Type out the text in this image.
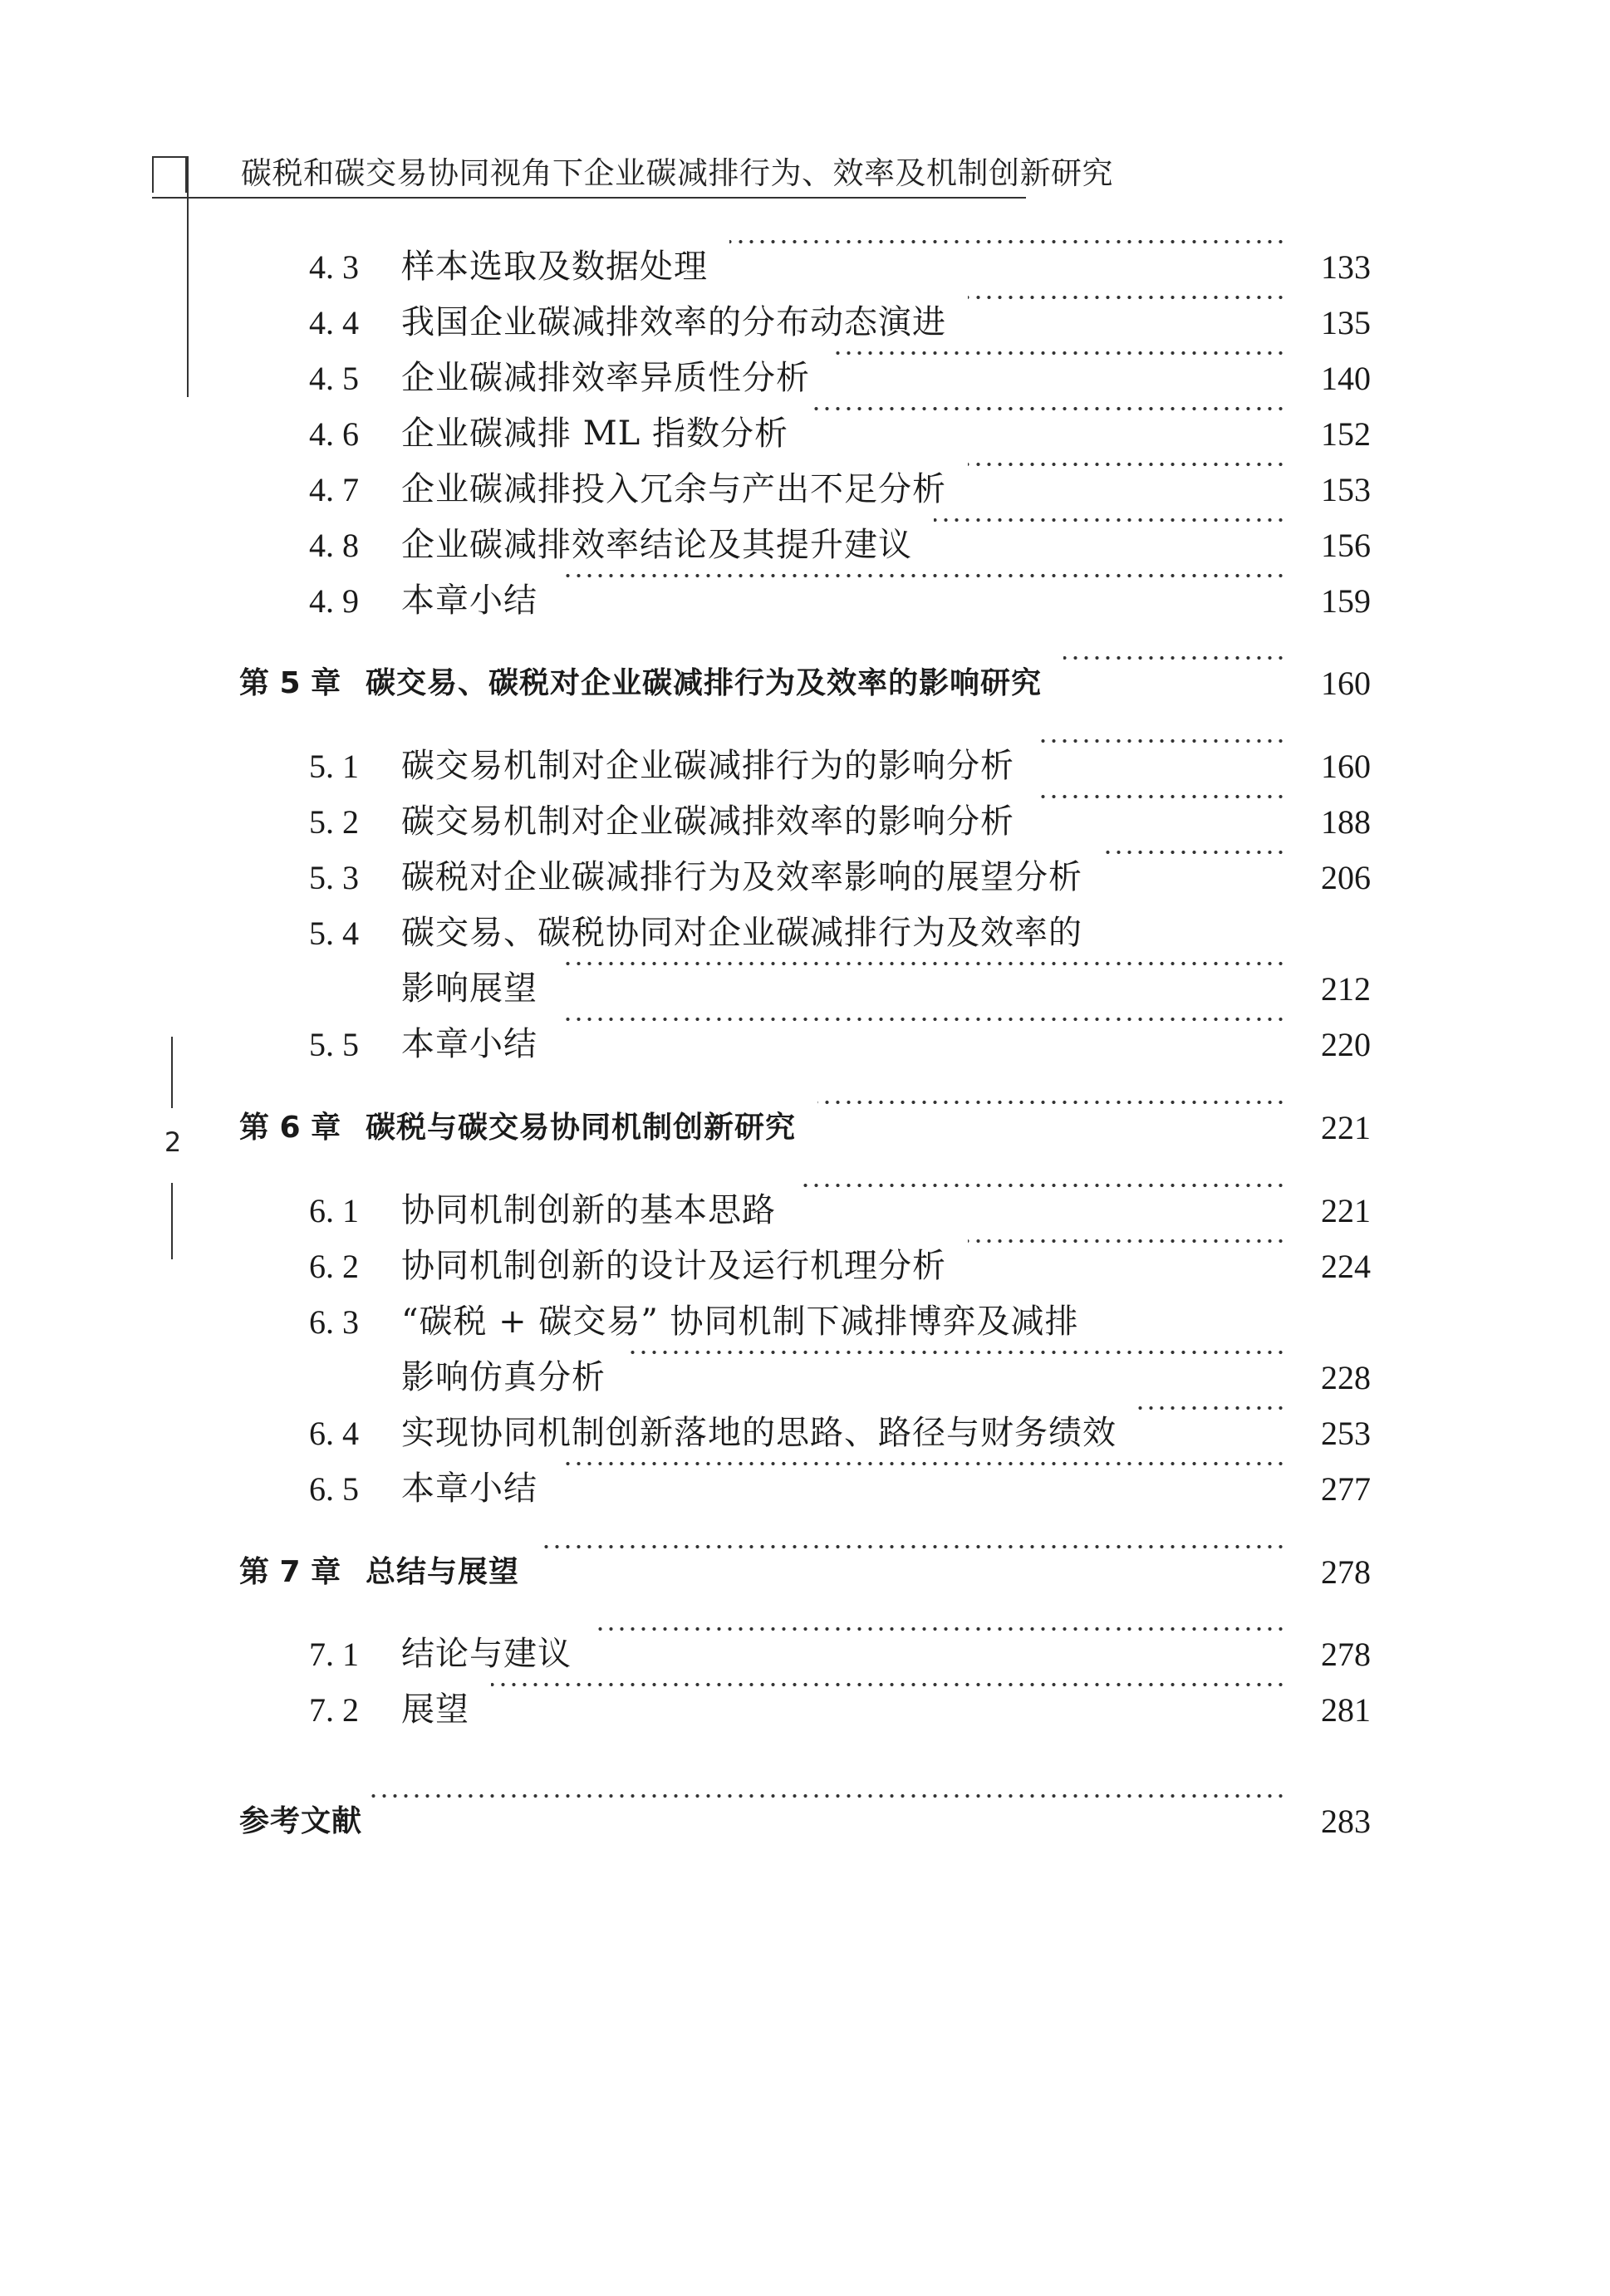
碳税和碳交易协同视角下企业碳减排行为、效率及机制创新研究
2
4. 3 样本选取及数据处理	133
4. 4 我国企业碳减排效率的分布动态演进	135
4. 5 企业碳减排效率异质性分析	140
4. 6 企业碳减排 ML 指数分析	152
4. 7 企业碳减排投入冗余与产出不足分析	153
4. 8 企业碳减排效率结论及其提升建议	156
4. 9 本章小结	159
第 5 章 碳交易、碳税对企业碳减排行为及效率的影响研究	160
5. 1 碳交易机制对企业碳减排行为的影响分析	160
5. 2 碳交易机制对企业碳减排效率的影响分析	188
5. 3 碳税对企业碳减排行为及效率影响的展望分析	206
5. 4 碳交易、碳税协同对企业碳减排行为及效率的
影响展望	212
5. 5 本章小结	220
第 6 章 碳税与碳交易协同机制创新研究	221
6. 1 协同机制创新的基本思路	221
6. 2 协同机制创新的设计及运行机理分析	224
6. 3 “碳税 + 碳交易” 协同机制下减排博弈及减排
影响仿真分析	228
6. 4 实现协同机制创新落地的思路、路径与财务绩效	253
6. 5 本章小结	277
第 7 章 总结与展望	278
7. 1 结论与建议	278
7. 2 展望	281
参考文献	283
